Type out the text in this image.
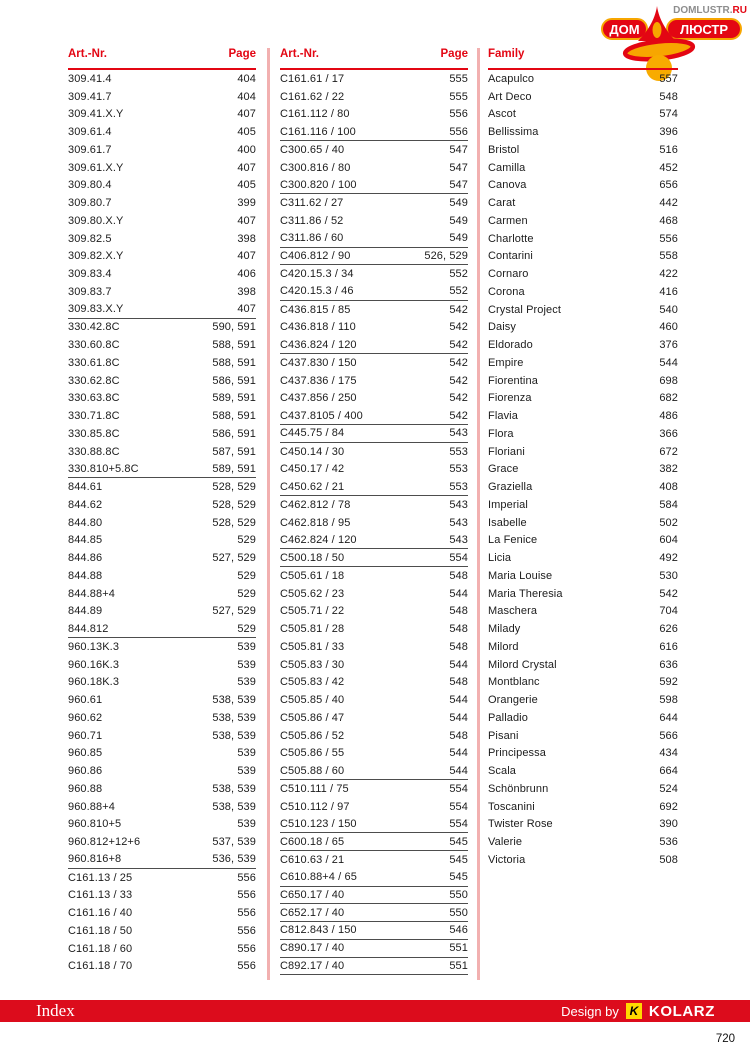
DOMLUSTR.RU
ДОМ	ЛЮСТР
Art.-Nr.	Page
309.41.4	404
309.41.7	404
309.41.X.Y	407
309.61.4	405
309.61.7	400
309.61.X.Y	407
309.80.4	405
309.80.7	399
309.80.X.Y	407
309.82.5	398
309.82.X.Y	407
309.83.4	406
309.83.7	398
309.83.X.Y	407
330.42.8C	590, 591
330.60.8C	588, 591
330.61.8C	588, 591
330.62.8C	586, 591
330.63.8C	589, 591
330.71.8C	588, 591
330.85.8C	586, 591
330.88.8C	587, 591
330.810+5.8C	589, 591
844.61	528, 529
844.62	528, 529
844.80	528, 529
844.85	529
844.86	527, 529
844.88	529
844.88+4	529
844.89	527, 529
844.812	529
960.13K.3	539
960.16K.3	539
960.18K.3	539
960.61	538, 539
960.62	538, 539
960.71	538, 539
960.85	539
960.86	539
960.88	538, 539
960.88+4	538, 539
960.810+5	539
960.812+12+6	537, 539
960.816+8	536, 539
C161.13 / 25	556
C161.13 / 33	556
C161.16 / 40	556
C161.18 / 50	556
C161.18 / 60	556
C161.18 / 70	556
Art.-Nr.	Page
C161.61 / 17	555
C161.62 / 22	555
C161.112 / 80	556
C161.116 / 100	556
C300.65 / 40	547
C300.816 / 80	547
C300.820 / 100	547
C311.62 / 27	549
C311.86 / 52	549
C311.86 / 60	549
C406.812 / 90	526, 529
C420.15.3 / 34	552
C420.15.3 / 46	552
C436.815 / 85	542
C436.818 / 110	542
C436.824 / 120	542
C437.830 / 150	542
C437.836 / 175	542
C437.856 / 250	542
C437.8105 / 400	542
C445.75 / 84	543
C450.14 / 30	553
C450.17 / 42	553
C450.62 / 21	553
C462.812 / 78	543
C462.818 / 95	543
C462.824 / 120	543
C500.18 / 50	554
C505.61 / 18	548
C505.62 / 23	544
C505.71 / 22	548
C505.81 / 28	548
C505.81 / 33	548
C505.83 / 30	544
C505.83 / 42	548
C505.85 / 40	544
C505.86 / 47	544
C505.86 / 52	548
C505.86 / 55	544
C505.88 / 60	544
C510.111 / 75	554
C510.112 / 97	554
C510.123 / 150	554
C600.18 / 65	545
C610.63 / 21	545
C610.88+4 / 65	545
C650.17 / 40	550
C652.17 / 40	550
C812.843 / 150	546
C890.17 / 40	551
C892.17 / 40	551
Family
Acapulco	557
Art Deco	548
Ascot	574
Bellissima	396
Bristol	516
Camilla	452
Canova	656
Carat	442
Carmen	468
Charlotte	556
Contarini	558
Cornaro	422
Corona	416
Crystal Project	540
Daisy	460
Eldorado	376
Empire	544
Fiorentina	698
Fiorenza	682
Flavia	486
Flora	366
Floriani	672
Grace	382
Graziella	408
Imperial	584
Isabelle	502
La Fenice	604
Licia	492
Maria Louise	530
Maria Theresia	542
Maschera	704
Milady	626
Milord	616
Milord Crystal	636
Montblanc	592
Orangerie	598
Palladio	644
Pisani	566
Principessa	434
Scala	664
Schönbrunn	524
Toscanini	692
Twister Rose	390
Valerie	536
Victoria	508
Index	Design by K KOLARZ
720
